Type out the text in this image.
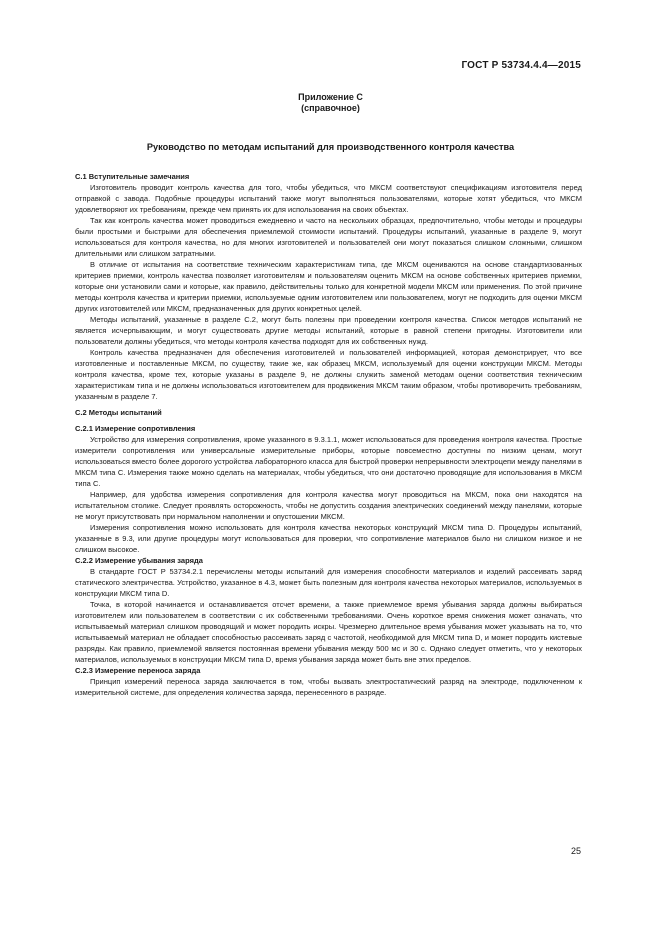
ГОСТ Р 53734.4.4—2015
Приложение С
(справочное)
Руководство по методам испытаний для производственного контроля качества
С.1 Вступительные замечания

Изготовитель проводит контроль качества для того, чтобы убедиться, что МКСМ соответствуют спецификациям изготовителя перед отправкой с завода. Подобные процедуры испытаний также могут выполняться пользователями, которые хотят убедиться, что МКСМ удовлетворяют их требованиям, прежде чем принять их для использования на своих объектах.

Так как контроль качества может проводиться ежедневно и часто на нескольких образцах, предпочтительно, чтобы методы и процедуры были простыми и быстрыми для обеспечения приемлемой стоимости испытаний. Процедуры испытаний, указанные в разделе 9, могут использоваться для контроля качества, но для многих изготовителей и пользователей они могут показаться слишком сложными, слишком длительными или слишком затратными.

В отличие от испытания на соответствие техническим характеристикам типа, где МКСМ оцениваются на основе стандартизованных критериев приемки, контроль качества позволяет изготовителям и пользователям оценить МКСМ на основе собственных критериев приемки, которые они установили сами и которые, как правило, действительны только для конкретной модели МКСМ или применения. По этой причине методы контроля качества и критерии приемки, используемые одним изготовителем или пользователем, могут не подходить для оценки МКСМ других изготовителей или МКСМ, предназначенных для других конкретных целей.

Методы испытаний, указанные в разделе С.2, могут быть полезны при проведении контроля качества. Список методов испытаний не является исчерпывающим, и могут существовать другие методы испытаний, которые в равной степени пригодны. Изготовители или пользователи должны убедиться, что методы контроля качества подходят для их собственных нужд.

Контроль качества предназначен для обеспечения изготовителей и пользователей информацией, которая демонстрирует, что все изготовленные и поставленные МКСМ, по существу, такие же, как образец МКСМ, используемый для оценки конструкции МКСМ. Методы контроля качества, кроме тех, которые указаны в разделе 9, не должны служить заменой методам оценки соответствия техническим характеристикам типа и не должны использоваться изготовителем для продвижения МКСМ таким образом, чтобы противоречить требованиям, указанным в разделе 7.

С.2 Методы испытаний
С.2.1 Измерение сопротивления

Устройство для измерения сопротивления, кроме указанного в 9.3.1.1, может использоваться для проведения контроля качества. Простые измерители сопротивления или универсальные измерительные приборы, которые повсеместно доступны по низким ценам, могут использоваться вместо более дорогого устройства лабораторного класса для быстрой проверки непрерывности электроцепи между панелями в МКСМ типа С. Измерения также можно сделать на материалах, чтобы убедиться, что они достаточно проводящие для использования в МКСМ типа С.

Например, для удобства измерения сопротивления для контроля качества могут проводиться на МКСМ, пока они находятся на испытательном столике. Следует проявлять осторожность, чтобы не допустить создания электрических соединений между панелями, которые не могут присутствовать при нормальном наполнении и опустошении МКСМ.

Измерения сопротивления можно использовать для контроля качества некоторых конструкций МКСМ типа D. Процедуры испытаний, указанные в 9.3, или другие процедуры могут использоваться для проверки, что сопротивление материалов было ни слишком низкое и не слишком высокое.

С.2.2 Измерение убывания заряда

В стандарте ГОСТ Р 53734.2.1 перечислены методы испытаний для измерения способности материалов и изделий рассеивать заряд статического электричества. Устройство, указанное в 4.3, может быть полезным для контроля качества некоторых материалов, используемых в конструкции МКСМ типа D.

Точка, в которой начинается и останавливается отсчет времени, а также приемлемое время убывания заряда должны выбираться изготовителем или пользователем в соответствии с их собственными требованиями. Очень короткое время снижения может означать, что испытываемый материал слишком проводящий и может породить искры. Чрезмерно длительное время убывания может указывать на то, что испытываемый материал не обладает способностью рассеивать заряд с частотой, необходимой для МКСМ типа D, и может породить кистевые разряды. Как правило, приемлемой является постоянная времени убывания между 500 мс и 30 с. Однако следует отметить, что у некоторых материалов, используемых в конструкции МКСМ типа D, время убывания заряда может быть вне этих пределов.

С.2.3 Измерение переноса заряда

Принцип измерений переноса заряда заключается в том, чтобы вызвать электростатический разряд на электроде, подключенном к измерительной системе, для определения количества заряда, перенесенного в разряде.

25
